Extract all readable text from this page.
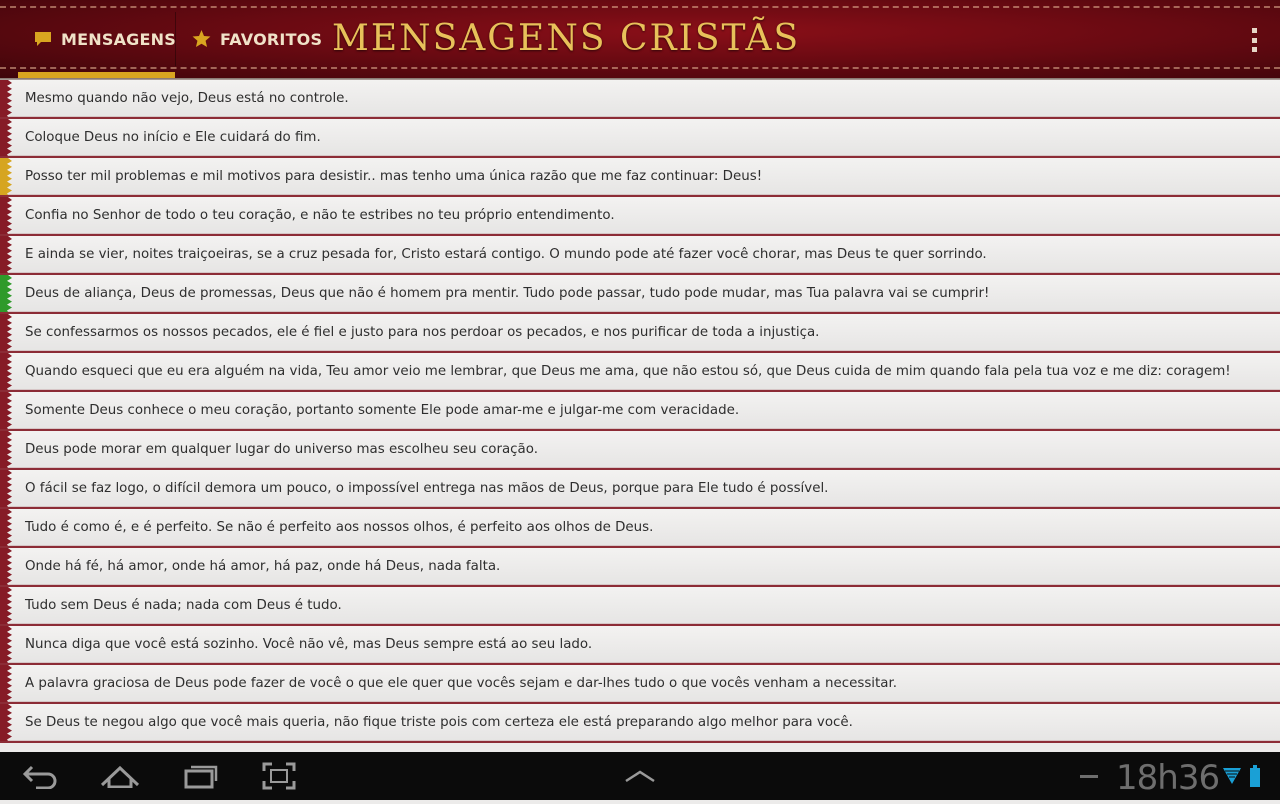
MENSAGENS	FAVORITOS MENSAGENS CRISTÃS
Mesmo quando não vejo, Deus está no controle.
Coloque Deus no início e Ele cuidará do fim.
Posso ter mil problemas e mil motivos para desistir.. mas tenho uma única razão que me faz continuar: Deus!
Confia no Senhor de todo o teu coração, e não te estribes no teu próprio entendimento.
E ainda se vier, noites traiçoeiras, se a cruz pesada for, Cristo estará contigo. O mundo pode até fazer você chorar, mas Deus te quer sorrindo.
Deus de aliança, Deus de promessas, Deus que não é homem pra mentir. Tudo pode passar, tudo pode mudar, mas Tua palavra vai se cumprir!
Se confessarmos os nossos pecados, ele é fiel e justo para nos perdoar os pecados, e nos purificar de toda a injustiça.
Quando esqueci que eu era alguém na vida, Teu amor veio me lembrar, que Deus me ama, que não estou só, que Deus cuida de mim quando fala pela tua voz e me diz: coragem!
Somente Deus conhece o meu coração, portanto somente Ele pode amar-me e julgar-me com veracidade.
Deus pode morar em qualquer lugar do universo mas escolheu seu coração.
O fácil se faz logo, o difícil demora um pouco, o impossível entrega nas mãos de Deus, porque para Ele tudo é possível.
Tudo é como é, e é perfeito. Se não é perfeito aos nossos olhos, é perfeito aos olhos de Deus.
Onde há fé, há amor, onde há amor, há paz, onde há Deus, nada falta.
Tudo sem Deus é nada; nada com Deus é tudo.
Nunca diga que você está sozinho. Você não vê, mas Deus sempre está ao seu lado.
A palavra graciosa de Deus pode fazer de você o que ele quer que vocês sejam e dar-lhes tudo o que vocês venham a necessitar.
Se Deus te negou algo que você mais queria, não fique triste pois com certeza ele está preparando algo melhor para você.
18h36
